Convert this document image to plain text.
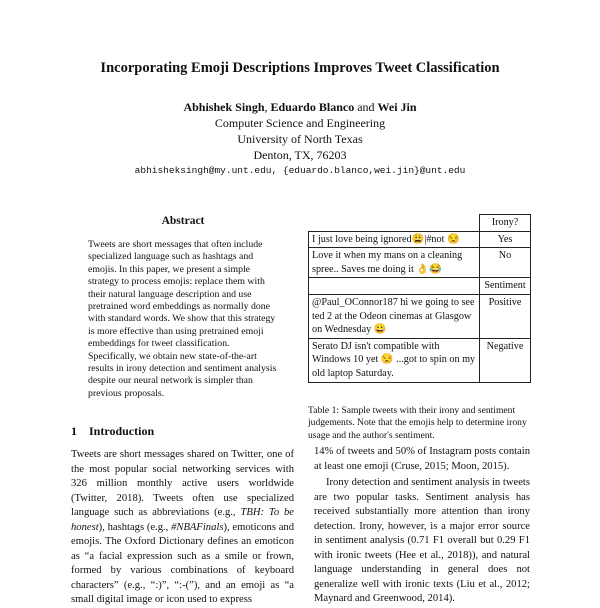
Incorporating Emoji Descriptions Improves Tweet Classification
Abhishek Singh, Eduardo Blanco and Wei Jin
Computer Science and Engineering
University of North Texas
Denton, TX, 76203
abhisheksingh@my.unt.edu, {eduardo.blanco,wei.jin}@unt.edu
Abstract

Tweets are short messages that often include specialized language such as hashtags and emojis. In this paper, we present a simple strategy to process emojis: replace them with their natural language description and use pretrained word embeddings as normally done with standard words. We show that this strategy is more effective than using pretrained emoji embeddings for tweet classification. Specifically, we obtain new state-of-the-art results in irony detection and sentiment analysis despite our neural network is simpler than previous proposals.

	Irony?
I just love being ignored😩|#not 😒	Yes
Love it when my mans on a cleaning spree.. Saves me doing it 👌😂	No
	Sentiment
@Paul_OConnor187 hi we going to see ted 2 at the Odeon cinemas at Glasgow on Wednesday 😀	Positive
Serato DJ isn't compatible with Windows 10 yet 😒 ...got to spin on my old laptop Saturday.	Negative
Table 1: Sample tweets with their irony and sentiment judgements. Note that the emojis help to determine irony usage and the author's sentiment.
1 Introduction

Tweets are short messages shared on Twitter, one of the most popular social networking services with 326 million monthly active users worldwide (Twitter, 2018). Tweets often use specialized language such as abbreviations (e.g., TBH: To be honest), hashtags (e.g., #NBAFinals), emoticons and emojis. The Oxford Dictionary defines an emoticon as “a facial expression such as a smile or frown, formed by various combinations of keyboard characters” (e.g., “:)”, “:-(”), and an emoji as “a small digital image or icon used to express

14% of tweets and 50% of Instagram posts contain at least one emoji (Cruse, 2015; Moon, 2015).

Irony detection and sentiment analysis in tweets are two popular tasks. Sentiment analysis has received substantially more attention than irony detection. Irony, however, is a major error source in sentiment analysis (0.71 F1 overall but 0.29 F1 with ironic tweets (Hee et al., 2018)), and natural language understanding in general does not generalize well with ironic texts (Liu et al., 2012; Maynard and Greenwood, 2014).
